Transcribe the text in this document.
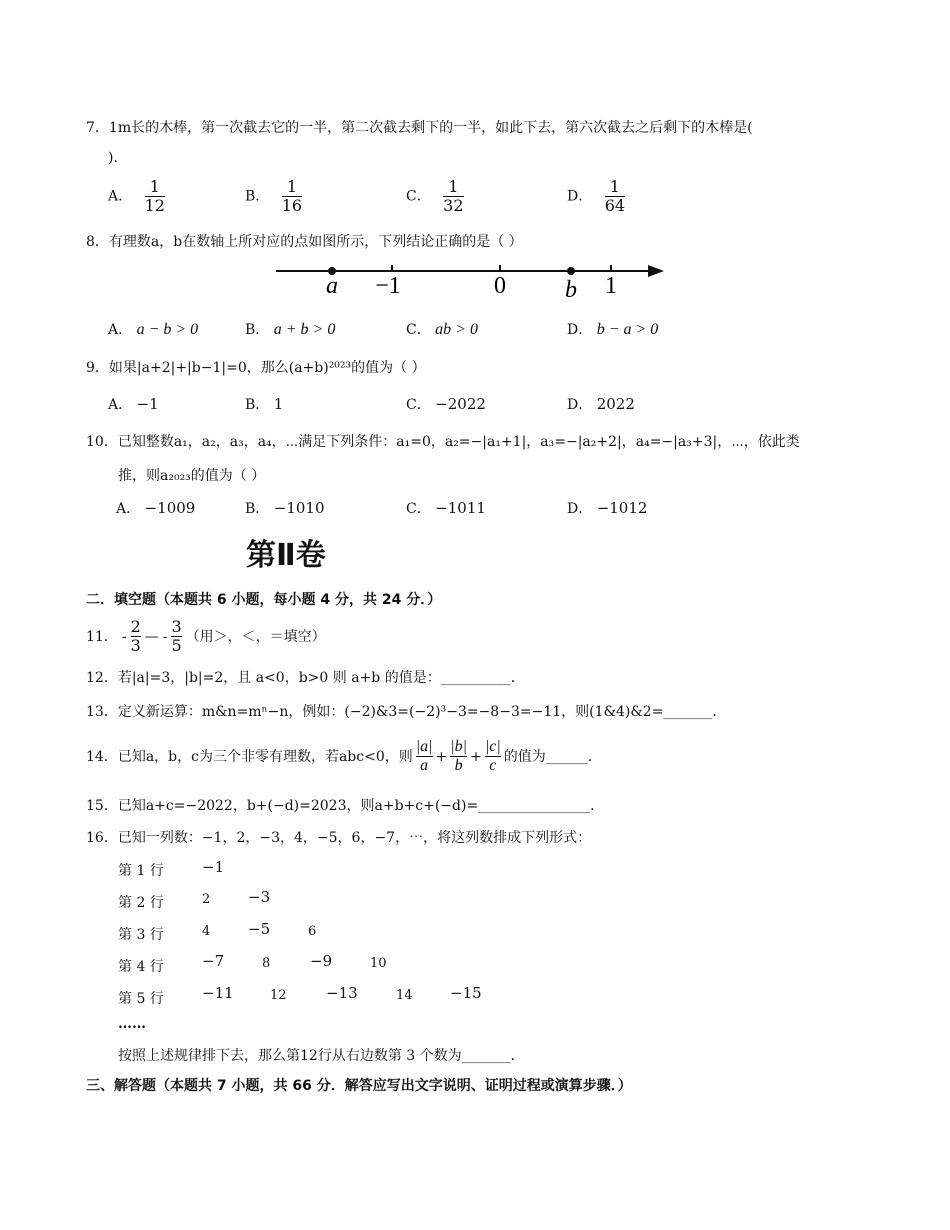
7．1m长的木棒，第一次截去它的一半，第二次截去剩下的一半，如此下去，第六次截去之后剩下的木棒是(
)．
A． $\frac{1}{12}$	B． $\frac{1}{16}$	C． $\frac{1}{32}$	D． $\frac{1}{64}$
8．有理数a，b在数轴上所对应的点如图所示，下列结论正确的是（ ）
a −1	0 b 1
A． a − b > 0	B． a + b > 0	C． ab > 0	D． b − a > 0
9．如果|a+2|+|b−1|=0，那么(a+b)²⁰²³的值为（ ）
A． −1	B． 1	C． −2022	D． 2022
10．已知整数a₁，a₂，a₃，a₄，⋯满足下列条件：a₁=0，a₂=−|a₁+1|，a₃=−|a₂+2|，a₄=−|a₃+3|，⋯，依此类
推，则a₂₀₂₃的值为（ ）
A． −1009	B． −1010	C． −1011	D． −1012
第Ⅱ卷
二．填空题（本题共 6 小题，每小题 4 分，共 24 分．）
11． - $\frac{2}{3}$ — - $\frac{3}{5}$ （用＞，＜，＝填空）
12．若|a|=3，|b|=2，且 a<0，b>0 则 a+b 的值是：__________．
13．定义新运算：m&n=mⁿ−n，例如：(−2)&3=(−2)³−3=−8−3=−11，则(1&4)&2=_______．
14．已知a，b，c为三个非零有理数，若abc<0，则 $\frac{|a|}{a} + \frac{|b|}{b} + \frac{|c|}{c}$ 的值为______．
15．已知a+c=−2022，b+(−d)=2023，则a+b+c+(−d)=________________．
16．已知一列数：−1，2，−3，4，−5，6，−7，⋯，将这列数排成下列形式：
第 1 行	−1
第 2 行	2	−3
第 3 行	4	−5	6
第 4 行	−7	8	−9	10
第 5 行	−11	12	−13	14 −15
……
按照上述规律排下去，那么第12行从右边数第 3 个数为_______．
三、解答题（本题共 7 小题，共 66 分．解答应写出文字说明、证明过程或演算步骤．）
